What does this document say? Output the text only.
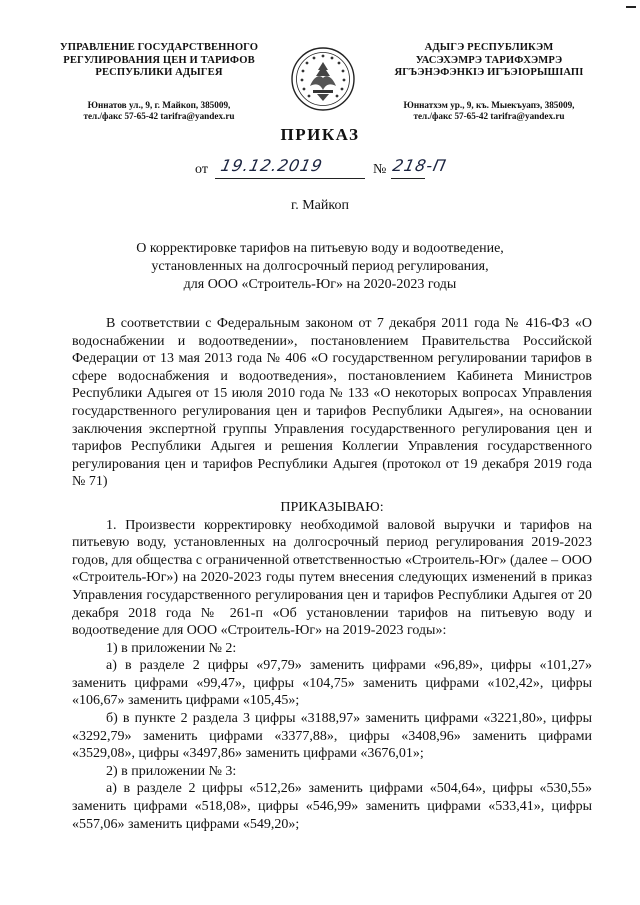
УПРАВЛЕНИЕ ГОСУДАРСТВЕННОГО
РЕГУЛИРОВАНИЯ ЦЕН И ТАРИФОВ
РЕСПУБЛИКИ АДЫГЕЯ
Юннатов ул., 9, г. Майкоп, 385009,
тел./факс 57-65-42 tarifra@yandex.ru
АДЫГЭ РЕСПУБЛИКЭМ
УАСЭХЭМРЭ ТАРИФХЭМРЭ
ЯГЪЭНЭФЭНКIЭ ИГЪЭIОРЫШIАПI
Юннатхэм ур., 9, къ. Мыекъуапэ, 385009,
тел./факс 57-65-42 tarifra@yandex.ru
ПРИКАЗ
от 19.12.2019	№ 218-П
г. Майкоп
О корректировке тарифов на питьевую воду и водоотведение,
установленных на долгосрочный период регулирования,
для ООО «Строитель-Юг» на 2020-2023 годы

В соответствии с Федеральным законом от 7 декабря 2011 года № 416-ФЗ «О водоснабжении и водоотведении», постановлением Правительства Российской Федерации от 13 мая 2013 года № 406 «О государственном регулировании тарифов в сфере водоснабжения и водоотведения», постановлением Кабинета Министров Республики Адыгея от 15 июля 2010 года № 133 «О некоторых вопросах Управления государственного регулирования цен и тарифов Республики Адыгея», на основании заключения экспертной группы Управления государственного регулирования цен и тарифов Республики Адыгея и решения Коллегии Управления государственного регулирования цен и тарифов Республики Адыгея (протокол от 19 декабря 2019 года № 71)

ПРИКАЗЫВАЮ:

1. Произвести корректировку необходимой валовой выручки и тарифов на питьевую воду, установленных на долгосрочный период регулирования 2019-2023 годов, для общества с ограниченной ответственностью «Строитель-Юг» (далее – ООО «Строитель-Юг») на 2020-2023 годы путем внесения следующих изменений в приказ Управления государственного регулирования цен и тарифов Республики Адыгея от 20 декабря 2018 года № 261-п «Об установлении тарифов на питьевую воду и водоотведение для ООО «Строитель-Юг» на 2019-2023 годы»:

1) в приложении № 2:

а) в разделе 2 цифры «97,79» заменить цифрами «96,89», цифры «101,27» заменить цифрами «99,47», цифры «104,75» заменить цифрами «102,42», цифры «106,67» заменить цифрами «105,45»;

б) в пункте 2 раздела 3 цифры «3188,97» заменить цифрами «3221,80», цифры «3292,79» заменить цифрами «3377,88», цифры «3408,96» заменить цифрами «3529,08», цифры «3497,86» заменить цифрами «3676,01»;

2) в приложении № 3:

а) в разделе 2 цифры «512,26» заменить цифрами «504,64», цифры «530,55» заменить цифрами «518,08», цифры «546,99» заменить цифрами «533,41», цифры «557,06» заменить цифрами «549,20»;
